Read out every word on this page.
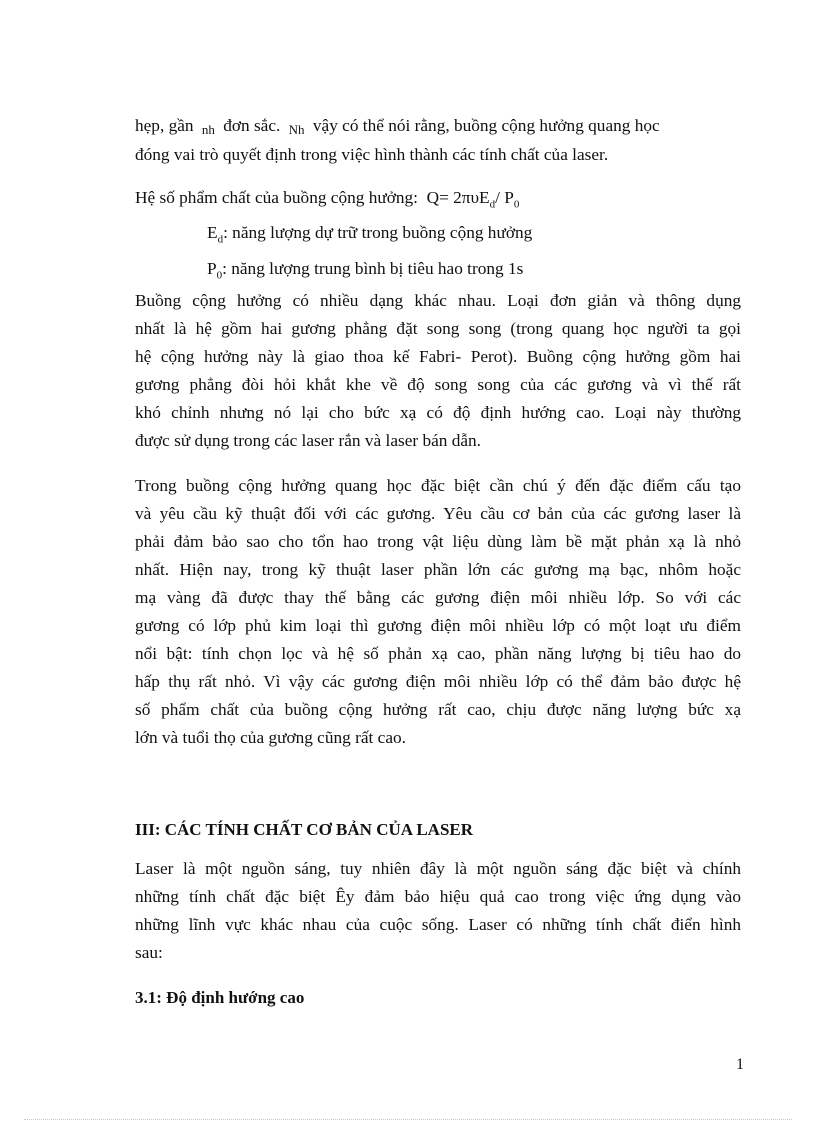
hẹp, gần nh đơn sắc. Nh vậy có thể nói rằng, buồng cộng hưởng quang học
đóng vai trò quyết định trong việc hình thành các tính chất của laser.
Hệ số phẩm chất của buồng cộng hưởng: Q= 2πυE$_d$/ $P_0$
$E_d$: năng lượng dự trữ trong buồng cộng hưởng
$P_0$: năng lượng trung bình bị tiêu hao trong 1s
Buồng cộng hưởng có nhiều dạng khác nhau. Loại đơn giản và thông dụng
nhất là hệ gồm hai gương phẳng đặt song song (trong quang học người ta gọi
hệ cộng hưởng này là giao thoa kế Fabri- Perot). Buồng cộng hưởng gồm hai
gương phẳng đòi hỏi khắt khe về độ song song của các gương và vì thế rất
khó chỉnh nhưng nó lại cho bức xạ có độ định hướng cao. Loại này thường
được sử dụng trong các laser rắn và laser bán dẫn.
Trong buồng cộng hưởng quang học đặc biệt cần chú ý đến đặc điểm cấu tạo
và yêu cầu kỹ thuật đối với các gương. Yêu cầu cơ bản của các gương laser là
phải đảm bảo sao cho tổn hao trong vật liệu dùng làm bề mặt phản xạ là nhỏ
nhất. Hiện nay, trong kỹ thuật laser phần lớn các gương mạ bạc, nhôm hoặc
mạ vàng đã được thay thế bằng các gương điện môi nhiều lớp. So với các
gương có lớp phủ kim loại thì gương điện môi nhiều lớp có một loạt ưu điểm
nổi bật: tính chọn lọc và hệ số phản xạ cao, phần năng lượng bị tiêu hao do
hấp thụ rất nhỏ. Vì vậy các gương điện môi nhiều lớp có thể đảm bảo được hệ
số phẩm chất của buồng cộng hưởng rất cao, chịu được năng lượng bức xạ
lớn và tuổi thọ của gương cũng rất cao.
III: CÁC TÍNH CHẤT CƠ BẢN CỦA LASER
Laser là một nguồn sáng, tuy nhiên đây là một nguồn sáng đặc biệt và chính
những tính chất đặc biệt Êy đảm bảo hiệu quả cao trong việc ứng dụng vào
những lĩnh vực khác nhau của cuộc sống. Laser có những tính chất điển hình
sau:
3.1: Độ định hướng cao
1
